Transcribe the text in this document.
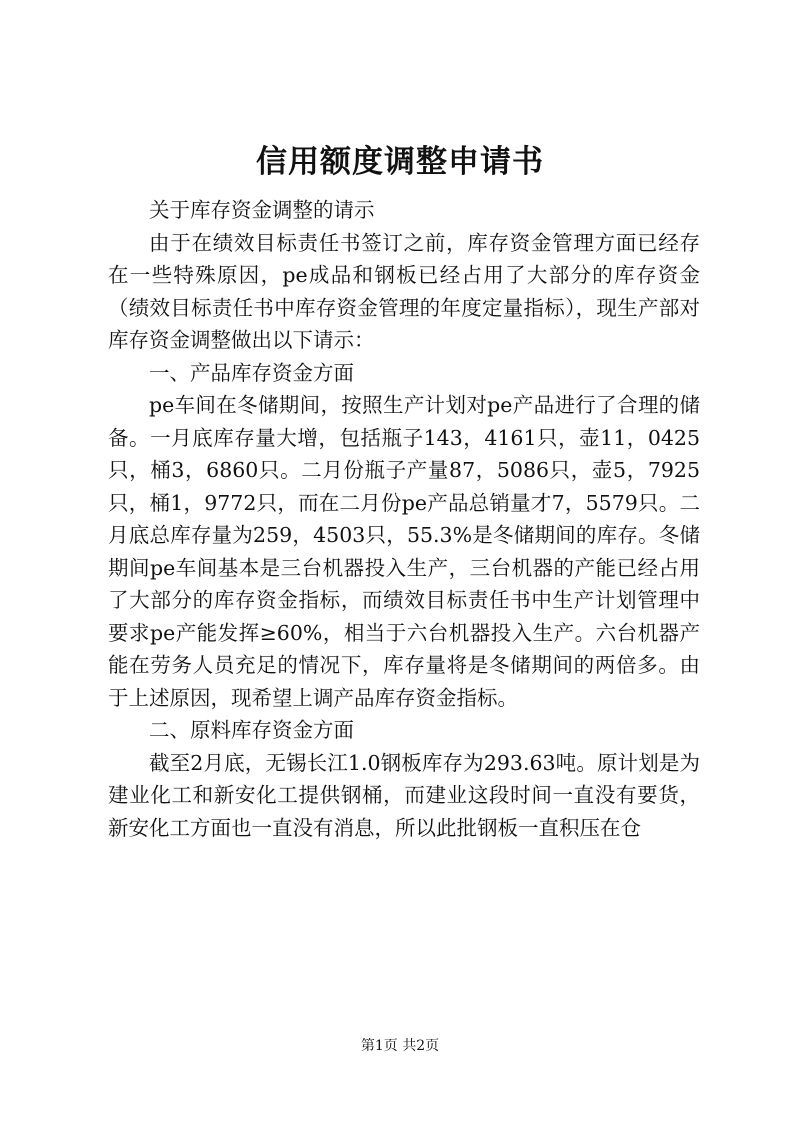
信用额度调整申请书

关于库存资金调整的请示

由于在绩效目标责任书签订之前，库存资金管理方面已经存在一些特殊原因，pe成品和钢板已经占用了大部分的库存资金（绩效目标责任书中库存资金管理的年度定量指标），现生产部对库存资金调整做出以下请示：

一、产品库存资金方面

pe车间在冬储期间，按照生产计划对pe产品进行了合理的储备。一月底库存量大增，包括瓶子143，4161只，壶11，0425只，桶3，6860只。二月份瓶子产量87，5086只，壶5，7925只，桶1，9772只，而在二月份pe产品总销量才7，5579只。二月底总库存量为259，4503只，55.3%是冬储期间的库存。冬储期间pe车间基本是三台机器投入生产，三台机器的产能已经占用了大部分的库存资金指标，而绩效目标责任书中生产计划管理中要求pe产能发挥≥60%，相当于六台机器投入生产。六台机器产能在劳务人员充足的情况下，库存量将是冬储期间的两倍多。由于上述原因，现希望上调产品库存资金指标。

二、原料库存资金方面

截至2月底，无锡长江1.0钢板库存为293.63吨。原计划是为建业化工和新安化工提供钢桶，而建业这段时间一直没有要货，新安化工方面也一直没有消息，所以此批钢板一直积压在仓

第1页 共2页
